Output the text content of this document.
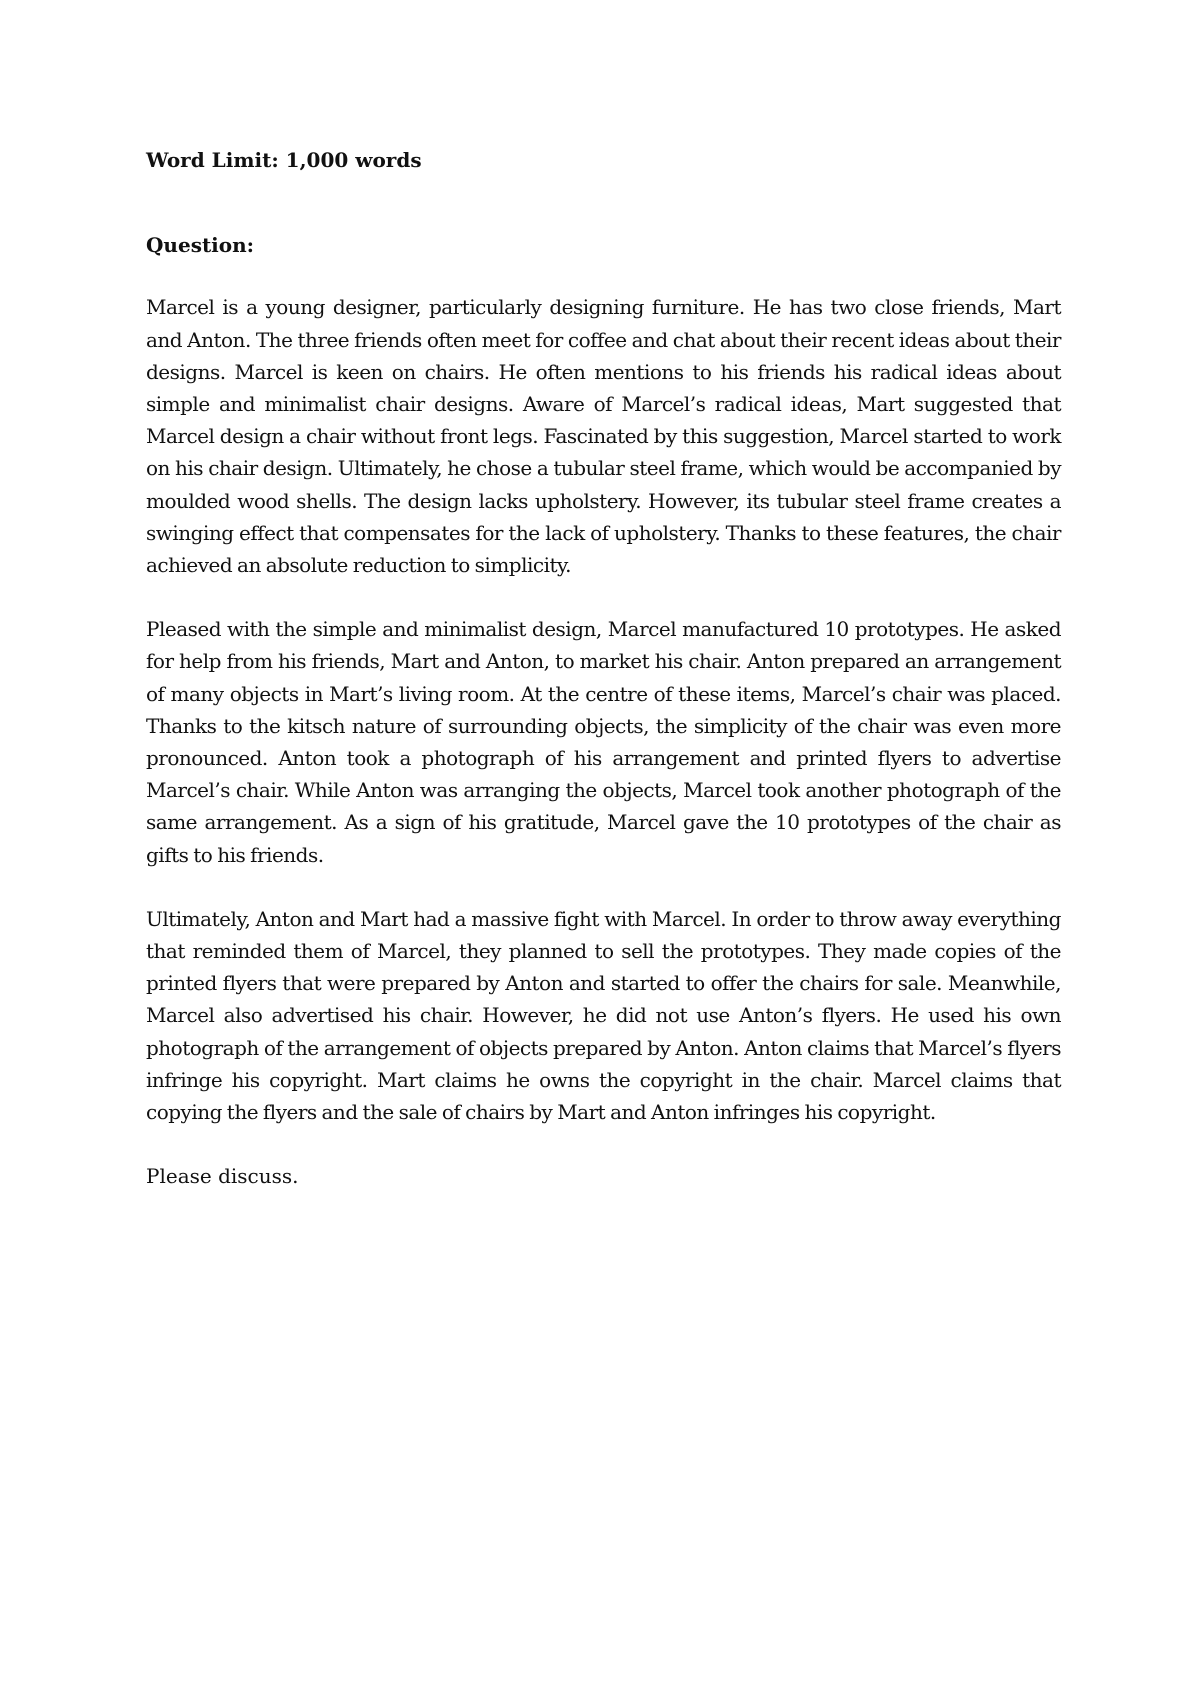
Word Limit: 1,000 words

Question:

Marcel is a young designer, particularly designing furniture. He has two close friends, Mart and Anton. The three friends often meet for coffee and chat about their recent ideas about their designs. Marcel is keen on chairs. He often mentions to his friends his radical ideas about simple and minimalist chair designs. Aware of Marcel’s radical ideas, Mart suggested that Marcel design a chair without front legs. Fascinated by this suggestion, Marcel started to work on his chair design. Ultimately, he chose a tubular steel frame, which would be accompanied by moulded wood shells. The design lacks upholstery. However, its tubular steel frame creates a swinging effect that compensates for the lack of upholstery. Thanks to these features, the chair achieved an absolute reduction to simplicity.

Pleased with the simple and minimalist design, Marcel manufactured 10 prototypes. He asked for help from his friends, Mart and Anton, to market his chair. Anton prepared an arrangement of many objects in Mart’s living room. At the centre of these items, Marcel’s chair was placed. Thanks to the kitsch nature of surrounding objects, the simplicity of the chair was even more pronounced. Anton took a photograph of his arrangement and printed flyers to advertise Marcel’s chair. While Anton was arranging the objects, Marcel took another photograph of the same arrangement. As a sign of his gratitude, Marcel gave the 10 prototypes of the chair as gifts to his friends.

Ultimately, Anton and Mart had a massive fight with Marcel. In order to throw away everything that reminded them of Marcel, they planned to sell the prototypes. They made copies of the printed flyers that were prepared by Anton and started to offer the chairs for sale. Meanwhile, Marcel also advertised his chair. However, he did not use Anton’s flyers. He used his own photograph of the arrangement of objects prepared by Anton. Anton claims that Marcel’s flyers infringe his copyright. Mart claims he owns the copyright in the chair. Marcel claims that copying the flyers and the sale of chairs by Mart and Anton infringes his copyright.

Please discuss.
